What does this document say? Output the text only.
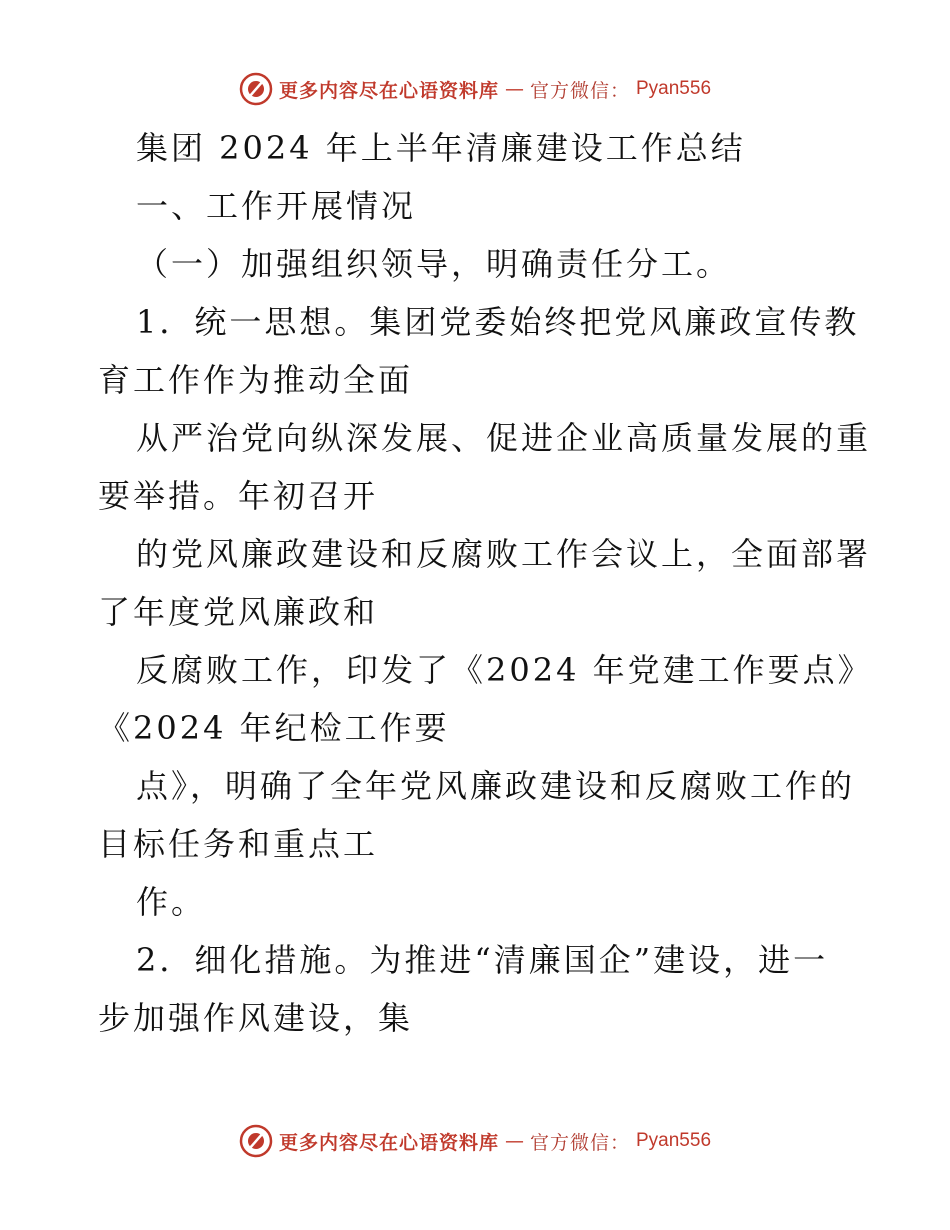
更多内容尽在心语资料库 — 官方微信： Pyan556
集团 2024 年上半年清廉建设工作总结
一、工作开展情况
（一）加强组织领导，明确责任分工。
1．统一思想。集团党委始终把党风廉政宣传教
育工作作为推动全面
从严治党向纵深发展、促进企业高质量发展的重
要举措。年初召开
的党风廉政建设和反腐败工作会议上，全面部署
了年度党风廉政和
反腐败工作，印发了《2024 年党建工作要点》
《2024 年纪检工作要
点》，明确了全年党风廉政建设和反腐败工作的
目标任务和重点工
作。
2．细化措施。为推进“清廉国企”建设，进一
步加强作风建设，集
更多内容尽在心语资料库 — 官方微信： Pyan556
